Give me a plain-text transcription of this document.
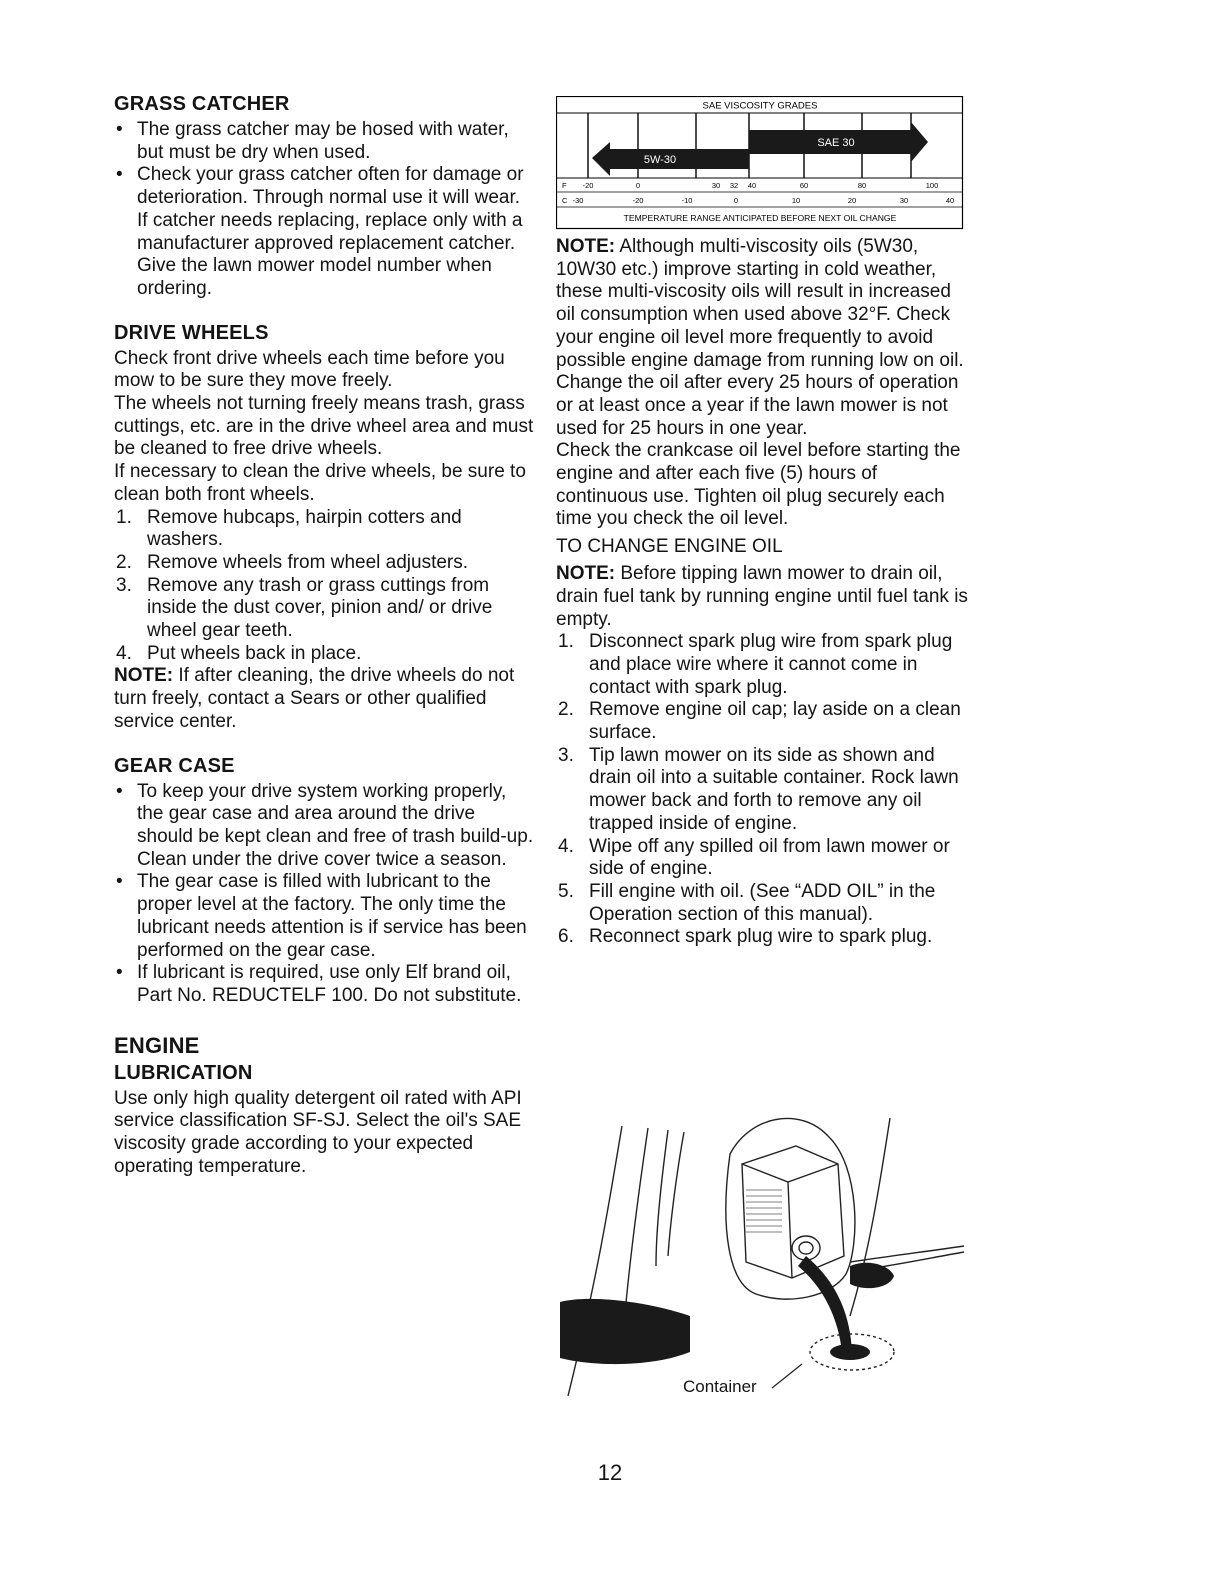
GRASS CATCHER
• The grass catcher may be hosed with water, but must be dry when used.
• Check your grass catcher often for damage or deterioration. Through normal use it will wear. If catcher needs replacing, replace only with a manufacturer approved replacement catcher. Give the lawn mower model number when ordering.
DRIVE WHEELS

Check front drive wheels each time before you mow to be sure they move freely.

The wheels not turning freely means trash, grass cuttings, etc. are in the drive wheel area and must be cleaned to free drive wheels.

If necessary to clean the drive wheels, be sure to clean both front wheels.

1. Remove hubcaps, hairpin cotters and washers.
2. Remove wheels from wheel adjusters.
3. Remove any trash or grass cuttings from inside the dust cover, pinion and/ or drive wheel gear teeth.
4. Put wheels back in place.

NOTE: If after cleaning, the drive wheels do not turn freely, contact a Sears or other qualified service center.

GEAR CASE
• To keep your drive system working properly, the gear case and area around the drive should be kept clean and free of trash build-up. Clean under the drive cover twice a season.
• The gear case is filled with lubricant to the proper level at the factory. The only time the lubricant needs attention is if service has been performed on the gear case.
• If lubricant is required, use only Elf brand oil, Part No. REDUCTELF 100. Do not substitute.
ENGINE
LUBRICATION

Use only high quality detergent oil rated with API service classification SF-SJ. Select the oil's SAE viscosity grade according to your expected operating temperature.

SAE VISCOSITY GRADES
SAE 30
5W-30
F -20	0	30 32 40	60	80	100
C -30	-20	-10	0	10	20	30	40
TEMPERATURE RANGE ANTICIPATED BEFORE NEXT OIL CHANGE

NOTE: Although multi-viscosity oils (5W30, 10W30 etc.) improve starting in cold weather, these multi-viscosity oils will result in increased oil consumption when used above 32°F. Check your engine oil level more frequently to avoid possible engine damage from running low on oil.

Change the oil after every 25 hours of operation or at least once a year if the lawn mower is not used for 25 hours in one year.

Check the crankcase oil level before starting the engine and after each five (5) hours of continuous use. Tighten oil plug securely each time you check the oil level.

TO CHANGE ENGINE OIL

NOTE: Before tipping lawn mower to drain oil, drain fuel tank by running engine until fuel tank is empty.

1. Disconnect spark plug wire from spark plug and place wire where it cannot come in contact with spark plug.
2. Remove engine oil cap; lay aside on a clean surface.
3. Tip lawn mower on its side as shown and drain oil into a suitable container. Rock lawn mower back and forth to remove any oil trapped inside of engine.
4. Wipe off any spilled oil from lawn mower or side of engine.
5. Fill engine with oil. (See “ADD OIL” in the Operation section of this manual).
6. Reconnect spark plug wire to spark plug.
Container
12
